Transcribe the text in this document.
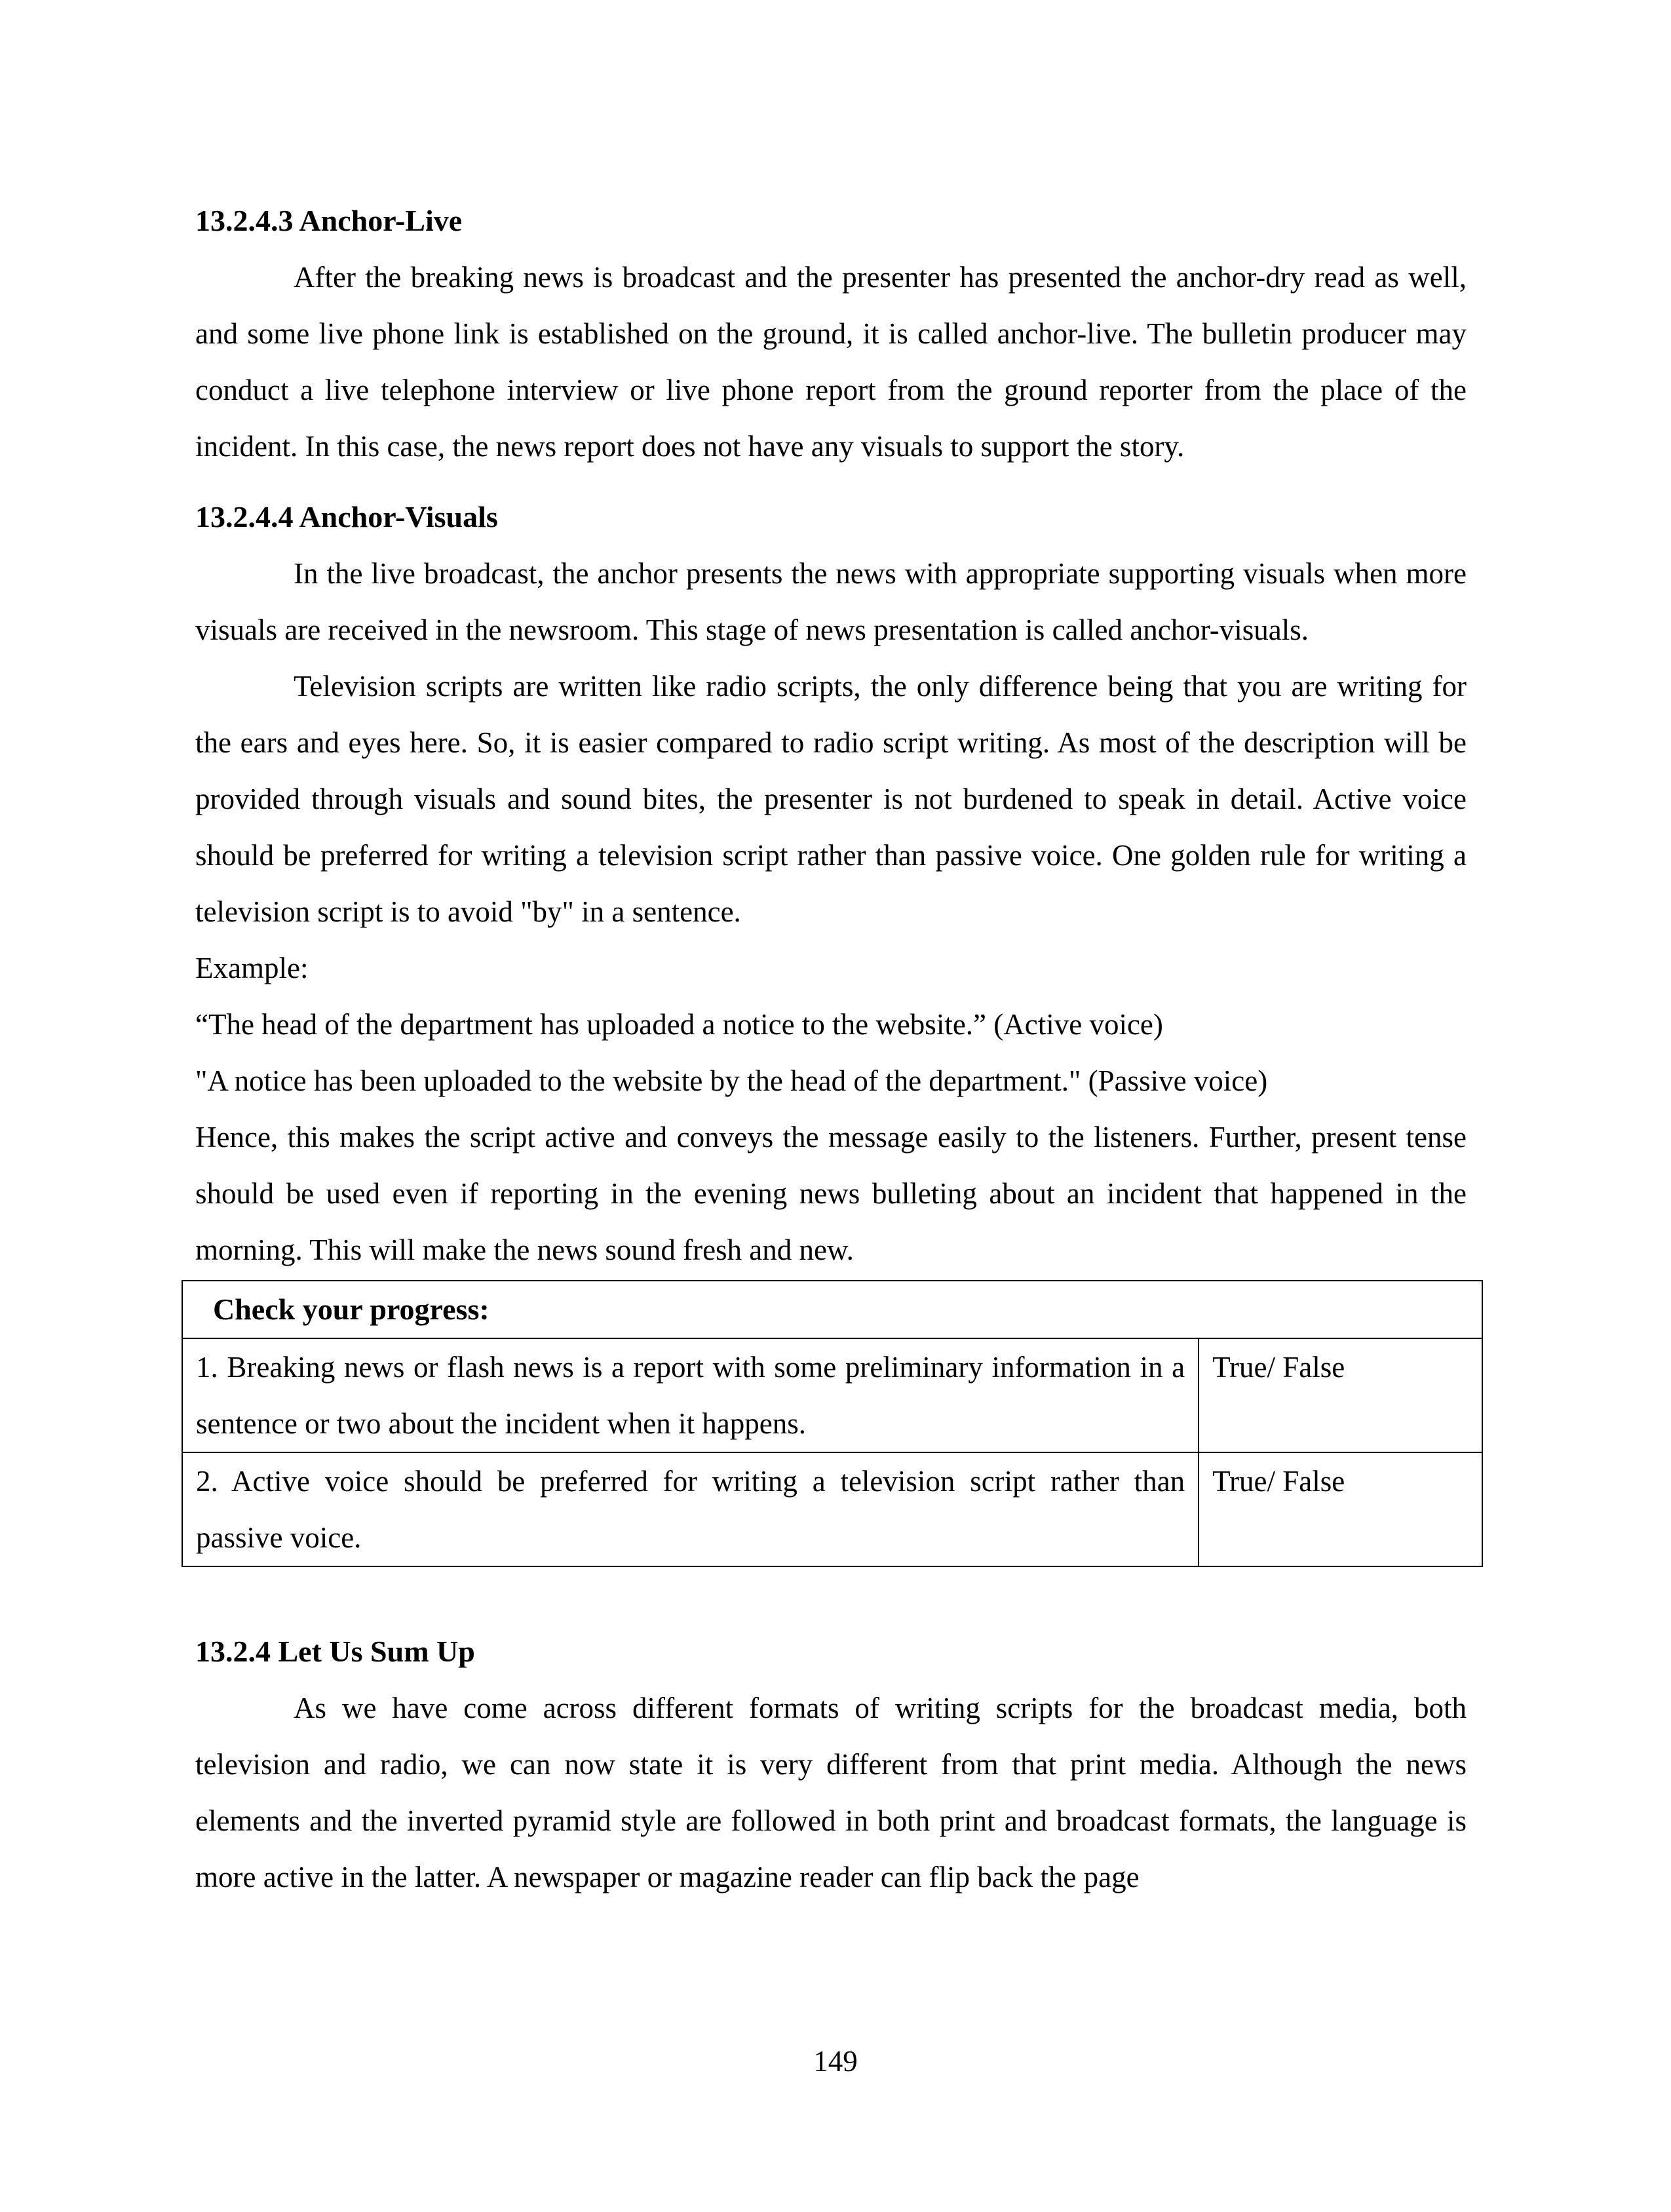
13.2.4.3 Anchor-Live

After the breaking news is broadcast and the presenter has presented the anchor-dry read as well, and some live phone link is established on the ground, it is called anchor-live. The bulletin producer may conduct a live telephone interview or live phone report from the ground reporter from the place of the incident. In this case, the news report does not have any visuals to support the story.

13.2.4.4 Anchor-Visuals

In the live broadcast, the anchor presents the news with appropriate supporting visuals when more visuals are received in the newsroom. This stage of news presentation is called anchor-visuals.

Television scripts are written like radio scripts, the only difference being that you are writing for the ears and eyes here. So, it is easier compared to radio script writing. As most of the description will be provided through visuals and sound bites, the presenter is not burdened to speak in detail. Active voice should be preferred for writing a television script rather than passive voice. One golden rule for writing a television script is to avoid "by" in a sentence.

Example:

“The head of the department has uploaded a notice to the website.” (Active voice)

"A notice has been uploaded to the website by the head of the department." (Passive voice)

Hence, this makes the script active and conveys the message easily to the listeners. Further, present tense should be used even if reporting in the evening news bulleting about an incident that happened in the morning. This will make the news sound fresh and new.

Check your progress:	
1. Breaking news or flash news is a report with some preliminary information in a sentence or two about the incident when it happens.	True/ False
2. Active voice should be preferred for writing a television script rather than passive voice.	True/ False
13.2.4 Let Us Sum Up

As we have come across different formats of writing scripts for the broadcast media, both television and radio, we can now state it is very different from that print media. Although the news elements and the inverted pyramid style are followed in both print and broadcast formats, the language is more active in the latter. A newspaper or magazine reader can flip back the page

149
